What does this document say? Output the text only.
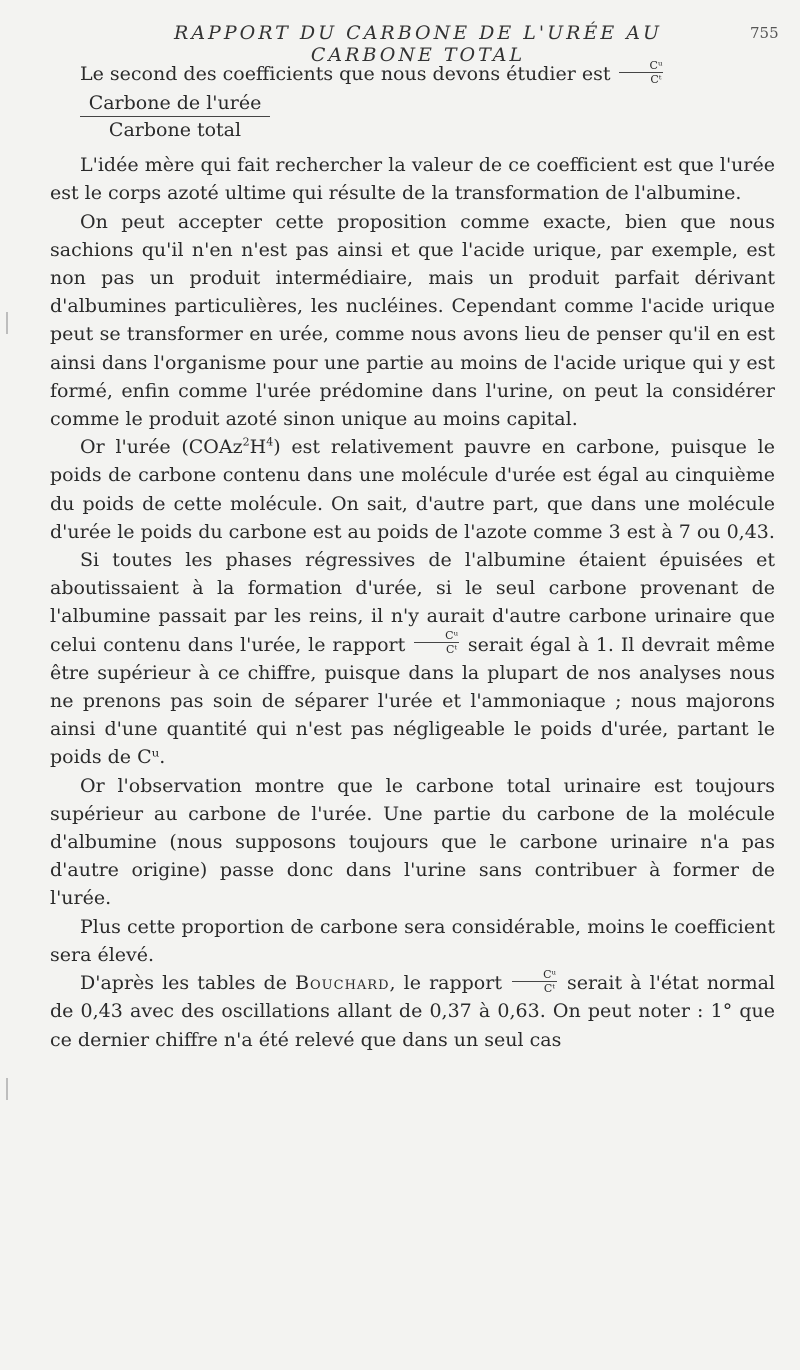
RAPPORT DU CARBONE DE L'URÉE AU CARBONE TOTAL
755

Le second des coefficients que nous devons étudier est $\frac{\text{Cᵘ}}{\text{Cᵗ}}$

Carbone de l'urée
Carbone total

L'idée mère qui fait rechercher la valeur de ce coefficient est que l'urée est le corps azoté ultime qui résulte de la transformation de l'albumine.

On peut accepter cette proposition comme exacte, bien que nous sachions qu'il n'en n'est pas ainsi et que l'acide urique, par exemple, est non pas un produit intermédiaire, mais un produit parfait dérivant d'albumines particulières, les nucléines. Cependant comme l'acide urique peut se transformer en urée, comme nous avons lieu de penser qu'il en est ainsi dans l'organisme pour une partie au moins de l'acide urique qui y est formé, enfin comme l'urée prédomine dans l'urine, on peut la considérer comme le produit azoté sinon unique au moins capital.

Or l'urée $(COAz^2H^4)$ est relativement pauvre en carbone, puisque le poids de carbone contenu dans une molécule d'urée est égal au cinquième du poids de cette molécule. On sait, d'autre part, que dans une molécule d'urée le poids du carbone est au poids de l'azote comme 3 est à 7 ou 0,43.

Si toutes les phases régressives de l'albumine étaient épuisées et aboutissaient à la formation d'urée, si le seul carbone provenant de l'albumine passait par les reins, il n'y aurait d'autre carbone urinaire que celui contenu dans l'urée, le rapport $\frac{\text{Cᵘ}}{\text{Cᵗ}}$ serait égal à 1. Il devrait même être supérieur à ce chiffre, puisque dans la plupart de nos analyses nous ne prenons pas soin de séparer l'urée et l'ammoniaque ; nous majorons ainsi d'une quantité qui n'est pas négligeable le poids d'urée, partant le poids de Cᵘ.

Or l'observation montre que le carbone total urinaire est toujours supérieur au carbone de l'urée. Une partie du carbone de la molécule d'albumine (nous supposons toujours que le carbone urinaire n'a pas d'autre origine) passe donc dans l'urine sans contribuer à former de l'urée.

Plus cette proportion de carbone sera considérable, moins le coefficient sera élevé.

D'après les tables de Bouchard, le rapport $\frac{\text{Cᵘ}}{\text{Cᵗ}}$ serait à l'état normal de 0,43 avec des oscillations allant de 0,37 à 0,63. On peut noter : 1° que ce dernier chiffre n'a été relevé que dans un seul cas
